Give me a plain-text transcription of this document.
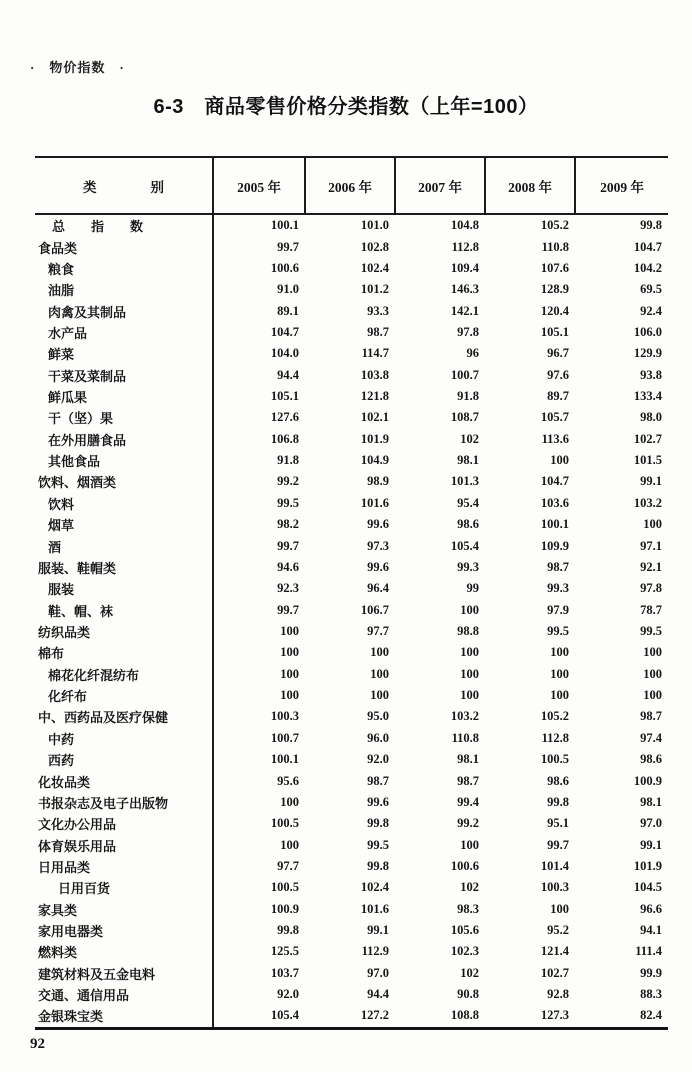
·　物价指数　·
6-3　商品零售价格分类指数（上年=100）
类　　　　别	2005 年	2006 年	2007 年	2008 年	2009 年
总　　指　　数	100.1	101.0	104.8	105.2	99.8
食品类	99.7	102.8	112.8	110.8	104.7
粮食	100.6	102.4	109.4	107.6	104.2
油脂	91.0	101.2	146.3	128.9	69.5
肉禽及其制品	89.1	93.3	142.1	120.4	92.4
水产品	104.7	98.7	97.8	105.1	106.0
鲜菜	104.0	114.7	96	96.7	129.9
干菜及菜制品	94.4	103.8	100.7	97.6	93.8
鲜瓜果	105.1	121.8	91.8	89.7	133.4
干（坚）果	127.6	102.1	108.7	105.7	98.0
在外用膳食品	106.8	101.9	102	113.6	102.7
其他食品	91.8	104.9	98.1	100	101.5
饮料、烟酒类	99.2	98.9	101.3	104.7	99.1
饮料	99.5	101.6	95.4	103.6	103.2
烟草	98.2	99.6	98.6	100.1	100
酒	99.7	97.3	105.4	109.9	97.1
服装、鞋帽类	94.6	99.6	99.3	98.7	92.1
服装	92.3	96.4	99	99.3	97.8
鞋、帽、袜	99.7	106.7	100	97.9	78.7
纺织品类	100	97.7	98.8	99.5	99.5
棉布	100	100	100	100	100
棉花化纤混纺布	100	100	100	100	100
化纤布	100	100	100	100	100
中、西药品及医疗保健	100.3	95.0	103.2	105.2	98.7
中药	100.7	96.0	110.8	112.8	97.4
西药	100.1	92.0	98.1	100.5	98.6
化妆品类	95.6	98.7	98.7	98.6	100.9
书报杂志及电子出版物	100	99.6	99.4	99.8	98.1
文化办公用品	100.5	99.8	99.2	95.1	97.0
体育娱乐用品	100	99.5	100	99.7	99.1
日用品类	97.7	99.8	100.6	101.4	101.9
日用百货	100.5	102.4	102	100.3	104.5
家具类	100.9	101.6	98.3	100	96.6
家用电器类	99.8	99.1	105.6	95.2	94.1
燃料类	125.5	112.9	102.3	121.4	111.4
建筑材料及五金电料	103.7	97.0	102	102.7	99.9
交通、通信用品	92.0	94.4	90.8	92.8	88.3
金银珠宝类	105.4	127.2	108.8	127.3	82.4
92
